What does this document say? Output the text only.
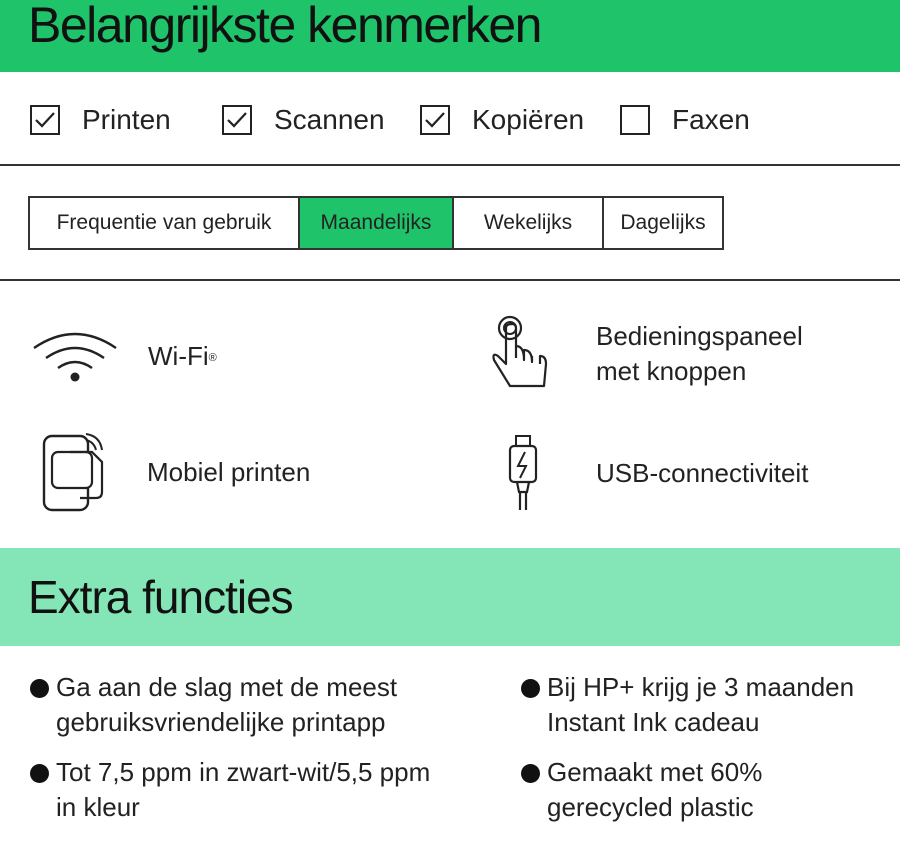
Belangrijkste kenmerken
Printen	Scannen	Kopiëren	Faxen
Frequentie van gebruik	Maandelijks	Wekelijks	Dagelijks
Wi-Fi®
Bedieningspaneel
met knoppen
Mobiel printen	USB-connectiviteit
Extra functies
Ga aan de slag met de meest
gebruiksvriendelijke printapp
Bij HP+ krijg je 3 maanden
Instant Ink cadeau
Tot 7,5 ppm in zwart-wit/5,5 ppm
in kleur
Gemaakt met 60%
gerecycled plastic
